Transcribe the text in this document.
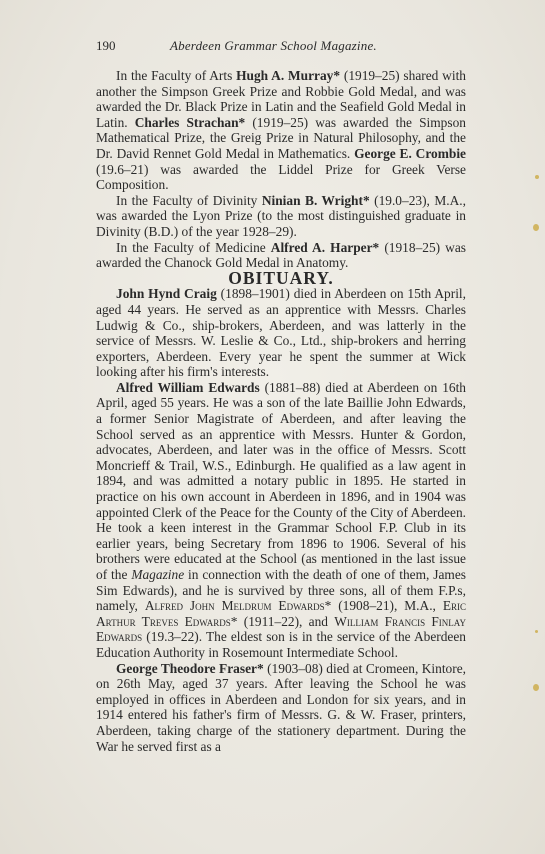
190	Aberdeen Grammar School Magazine.

In the Faculty of Arts Hugh A. Murray* (1919–25) shared with another the Simpson Greek Prize and Robbie Gold Medal, and was awarded the Dr. Black Prize in Latin and the Seafield Gold Medal in Latin. Charles Strachan* (1919–25) was awarded the Simpson Mathematical Prize, the Greig Prize in Natural Philosophy, and the Dr. David Rennet Gold Medal in Mathematics. George E. Crombie (19.6–21) was awarded the Liddel Prize for Greek Verse Composition.

In the Faculty of Divinity Ninian B. Wright* (19.0–23), M.A., was awarded the Lyon Prize (to the most distinguished graduate in Divinity (B.D.) of the year 1928–29).

In the Faculty of Medicine Alfred A. Harper* (1918–25) was awarded the Chanock Gold Medal in Anatomy.

OBITUARY.

John Hynd Craig (1898–1901) died in Aberdeen on 15th April, aged 44 years. He served as an apprentice with Messrs. Charles Ludwig & Co., ship-brokers, Aberdeen, and was latterly in the service of Messrs. W. Leslie & Co., Ltd., ship-brokers and herring exporters, Aberdeen. Every year he spent the summer at Wick looking after his firm's interests.

Alfred William Edwards (1881–88) died at Aberdeen on 16th April, aged 55 years. He was a son of the late Baillie John Edwards, a former Senior Magistrate of Aberdeen, and after leaving the School served as an apprentice with Messrs. Hunter & Gordon, advocates, Aberdeen, and later was in the office of Messrs. Scott Moncrieff & Trail, W.S., Edinburgh. He qualified as a law agent in 1894, and was admitted a notary public in 1895. He started in practice on his own account in Aberdeen in 1896, and in 1904 was appointed Clerk of the Peace for the County of the City of Aberdeen. He took a keen interest in the Grammar School F.P. Club in its earlier years, being Secretary from 1896 to 1906. Several of his brothers were educated at the School (as mentioned in the last issue of the Magazine in connection with the death of one of them, James Sim Edwards), and he is survived by three sons, all of them F.P.s, namely, Alfred John Meldrum Edwards* (1908–21), M.A., Eric Arthur Treves Edwards* (1911–22), and William Francis Finlay Edwards (19.3–22). The eldest son is in the service of the Aberdeen Education Authority in Rosemount Intermediate School.

George Theodore Fraser* (1903–08) died at Cromeen, Kintore, on 26th May, aged 37 years. After leaving the School he was employed in offices in Aberdeen and London for six years, and in 1914 entered his father's firm of Messrs. G. & W. Fraser, printers, Aberdeen, taking charge of the stationery department. During the War he served first as a
